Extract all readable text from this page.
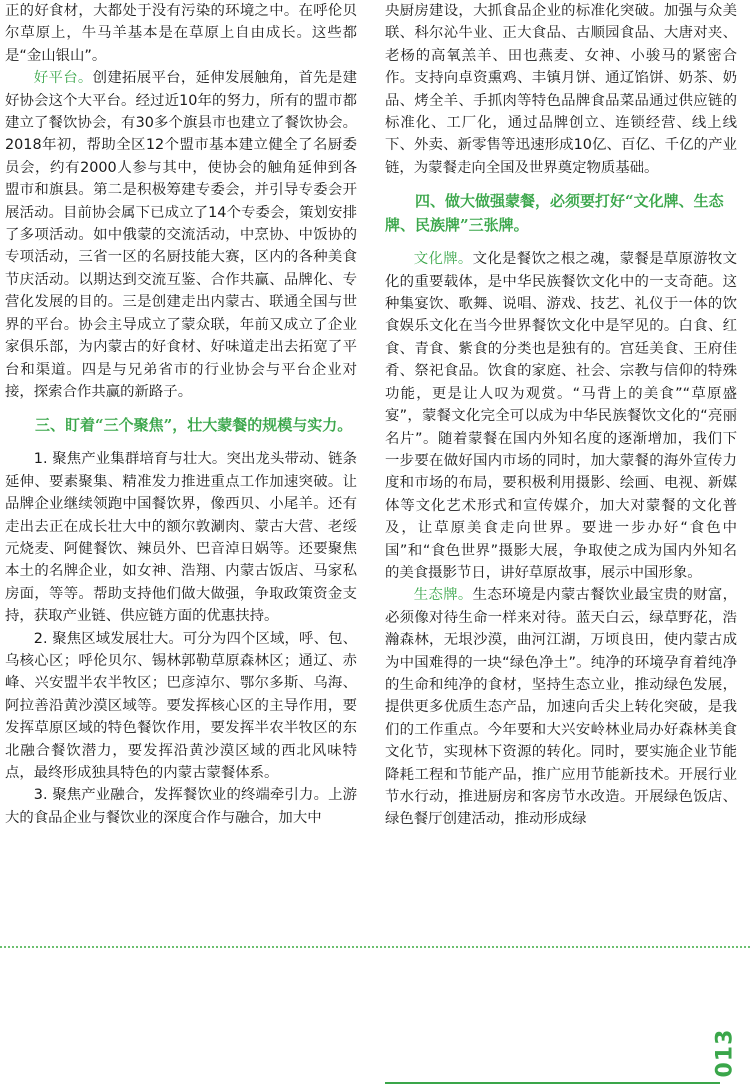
正的好食材，大都处于没有污染的环境之中。在呼伦贝尔草原上，牛马羊基本是在草原上自由成长。这些都是“金山银山”。

好平台。创建拓展平台，延伸发展触角，首先是建好协会这个大平台。经过近10年的努力，所有的盟市都建立了餐饮协会，有30多个旗县市也建立了餐饮协会。2018年初，帮助全区12个盟市基本建立健全了名厨委员会，约有2000人参与其中，使协会的触角延伸到各盟市和旗县。第二是积极筹建专委会，并引导专委会开展活动。目前协会属下已成立了14个专委会，策划安排了多项活动。如中俄蒙的交流活动，中烹协、中饭协的专项活动，三省一区的名厨技能大赛，区内的各种美食节庆活动。以期达到交流互鉴、合作共赢、品牌化、专营化发展的目的。三是创建走出内蒙古、联通全国与世界的平台。协会主导成立了蒙众联，年前又成立了企业家俱乐部，为内蒙古的好食材、好味道走出去拓宽了平台和渠道。四是与兄弟省市的行业协会与平台企业对接，探索合作共赢的新路子。

三、盯着“三个聚焦”，壮大蒙餐的规模与实力。

1. 聚焦产业集群培育与壮大。突出龙头带动、链条延伸、要素聚集、精准发力推进重点工作加速突破。让品牌企业继续领跑中国餐饮界，像西贝、小尾羊。还有走出去正在成长壮大中的额尔敦涮肉、蒙古大营、老绥元烧麦、阿健餐饮、辣员外、巴音淖日娲等。还要聚焦本土的名牌企业，如女神、浩翔、内蒙古饭店、马家私房面，等等。帮助支持他们做大做强，争取政策资金支持，获取产业链、供应链方面的优惠扶持。

2. 聚焦区域发展壮大。可分为四个区域，呼、包、乌核心区；呼伦贝尔、锡林郭勒草原森林区；通辽、赤峰、兴安盟半农半牧区；巴彦淖尔、鄂尔多斯、乌海、阿拉善沿黄沙漠区域等。要发挥核心区的主导作用，要发挥草原区域的特色餐饮作用，要发挥半农半牧区的东北融合餐饮潜力，要发挥沿黄沙漠区域的西北风味特点，最终形成独具特色的内蒙古蒙餐体系。

3. 聚焦产业融合，发挥餐饮业的终端牵引力。上游大的食品企业与餐饮业的深度合作与融合，加大中

央厨房建设，大抓食品企业的标准化突破。加强与众美联、科尔沁牛业、正大食品、古顺园食品、大唐对夹、老杨的高氧羔羊、田也燕麦、女神、小骏马的紧密合作。支持向卓资熏鸡、丰镇月饼、通辽馅饼、奶茶、奶品、烤全羊、手抓肉等特色品牌食品菜品通过供应链的标准化、工厂化，通过品牌创立、连锁经营、线上线下、外卖、新零售等迅速形成10亿、百亿、千亿的产业链，为蒙餐走向全国及世界奠定物质基础。

四、做大做强蒙餐，必须要打好“文化牌、生态牌、民族牌”三张牌。

文化牌。文化是餐饮之根之魂，蒙餐是草原游牧文化的重要载体，是中华民族餐饮文化中的一支奇葩。这种集宴饮、歌舞、说唱、游戏、技艺、礼仪于一体的饮食娱乐文化在当今世界餐饮文化中是罕见的。白食、红食、青食、紫食的分类也是独有的。宫廷美食、王府佳肴、祭祀食品。饮食的家庭、社会、宗教与信仰的特殊功能，更是让人叹为观赏。“马背上的美食”“草原盛宴”，蒙餐文化完全可以成为中华民族餐饮文化的“亮丽名片”。随着蒙餐在国内外知名度的逐渐增加，我们下一步要在做好国内市场的同时，加大蒙餐的海外宣传力度和市场的布局，要积极利用摄影、绘画、电视、新媒体等文化艺术形式和宣传媒介，加大对蒙餐的文化普及，让草原美食走向世界。要进一步办好“食色中国”和“食色世界”摄影大展，争取使之成为国内外知名的美食摄影节日，讲好草原故事，展示中国形象。

生态牌。生态环境是内蒙古餐饮业最宝贵的财富，必须像对待生命一样来对待。蓝天白云，绿草野花，浩瀚森林，无垠沙漠，曲河江湖，万顷良田，使内蒙古成为中国难得的一块“绿色净土”。纯净的环境孕育着纯净的生命和纯净的食材，坚持生态立业，推动绿色发展，提供更多优质生态产品，加速向舌尖上转化突破，是我们的工作重点。今年要和大兴安岭林业局办好森林美食文化节，实现林下资源的转化。同时，要实施企业节能降耗工程和节能产品，推广应用节能新技术。开展行业节水行动，推进厨房和客房节水改造。开展绿色饭店、绿色餐厅创建活动，推动形成绿

013
